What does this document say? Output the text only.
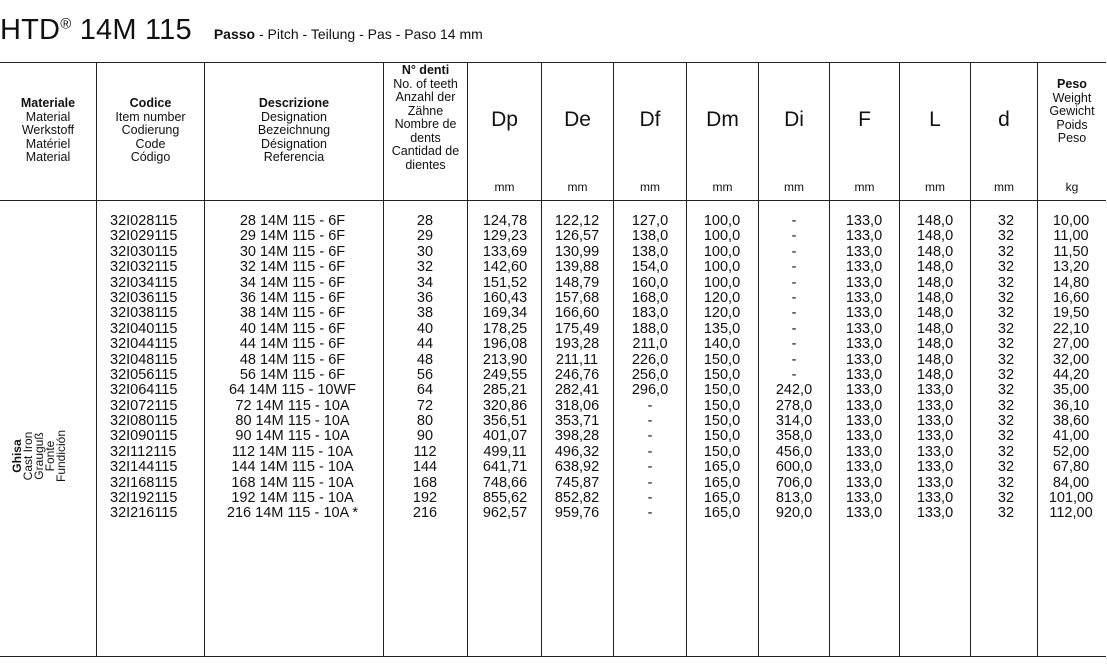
HTD® 14M 115 Passo - Pitch - Teilung - Pas - Paso 14 mm
Materiale
Material
Werkstoff
Matériel
Material
Codice
Item number
Codierung
Code
Código
Descrizione
Designation
Bezeichnung
Désignation
Referencia
N° denti
No. of teeth
Anzahl der
Zähne
Nombre de
dents
Cantidad de
dientes
Dp
mm
De
mm
Df
mm
Dm
mm
Di
mm
F
mm
L
mm
d
mm
Peso
Weight
Gewicht
Poids
Peso
kg
Ghisa
Cast Iron
Grauguß
Fonte
Fundición
32I028115
32I029115
32I030115
32I032115
32I034115
32I036115
32I038115
32I040115
32I044115
32I048115
32I056115
32I064115
32I072115
32I080115
32I090115
32I112115
32I144115
32I168115
32I192115
32I216115
28 14M 115 - 6F
29 14M 115 - 6F
30 14M 115 - 6F
32 14M 115 - 6F
34 14M 115 - 6F
36 14M 115 - 6F
38 14M 115 - 6F
40 14M 115 - 6F
44 14M 115 - 6F
48 14M 115 - 6F
56 14M 115 - 6F
64 14M 115 - 10WF
72 14M 115 - 10A
80 14M 115 - 10A
90 14M 115 - 10A
112 14M 115 - 10A
144 14M 115 - 10A
168 14M 115 - 10A
192 14M 115 - 10A
216 14M 115 - 10A *
28
29
30
32
34
36
38
40
44
48
56
64
72
80
90
112
144
168
192
216
124,78
129,23
133,69
142,60
151,52
160,43
169,34
178,25
196,08
213,90
249,55
285,21
320,86
356,51
401,07
499,11
641,71
748,66
855,62
962,57
122,12
126,57
130,99
139,88
148,79
157,68
166,60
175,49
193,28
211,11
246,76
282,41
318,06
353,71
398,28
496,32
638,92
745,87
852,82
959,76
127,0
138,0
138,0
154,0
160,0
168,0
183,0
188,0
211,0
226,0
256,0
296,0
-
-
-
-
-
-
-
-
100,0
100,0
100,0
100,0
100,0
120,0
120,0
135,0
140,0
150,0
150,0
150,0
150,0
150,0
150,0
150,0
165,0
165,0
165,0
165,0
-
-
-
-
-
-
-
-
-
-
-
242,0
278,0
314,0
358,0
456,0
600,0
706,0
813,0
920,0
133,0
133,0
133,0
133,0
133,0
133,0
133,0
133,0
133,0
133,0
133,0
133,0
133,0
133,0
133,0
133,0
133,0
133,0
133,0
133,0
148,0
148,0
148,0
148,0
148,0
148,0
148,0
148,0
148,0
148,0
148,0
133,0
133,0
133,0
133,0
133,0
133,0
133,0
133,0
133,0
32
32
32
32
32
32
32
32
32
32
32
32
32
32
32
32
32
32
32
32
10,00
11,00
11,50
13,20
14,80
16,60
19,50
22,10
27,00
32,00
44,20
35,00
36,10
38,60
41,00
52,00
67,80
84,00
101,00
112,00
